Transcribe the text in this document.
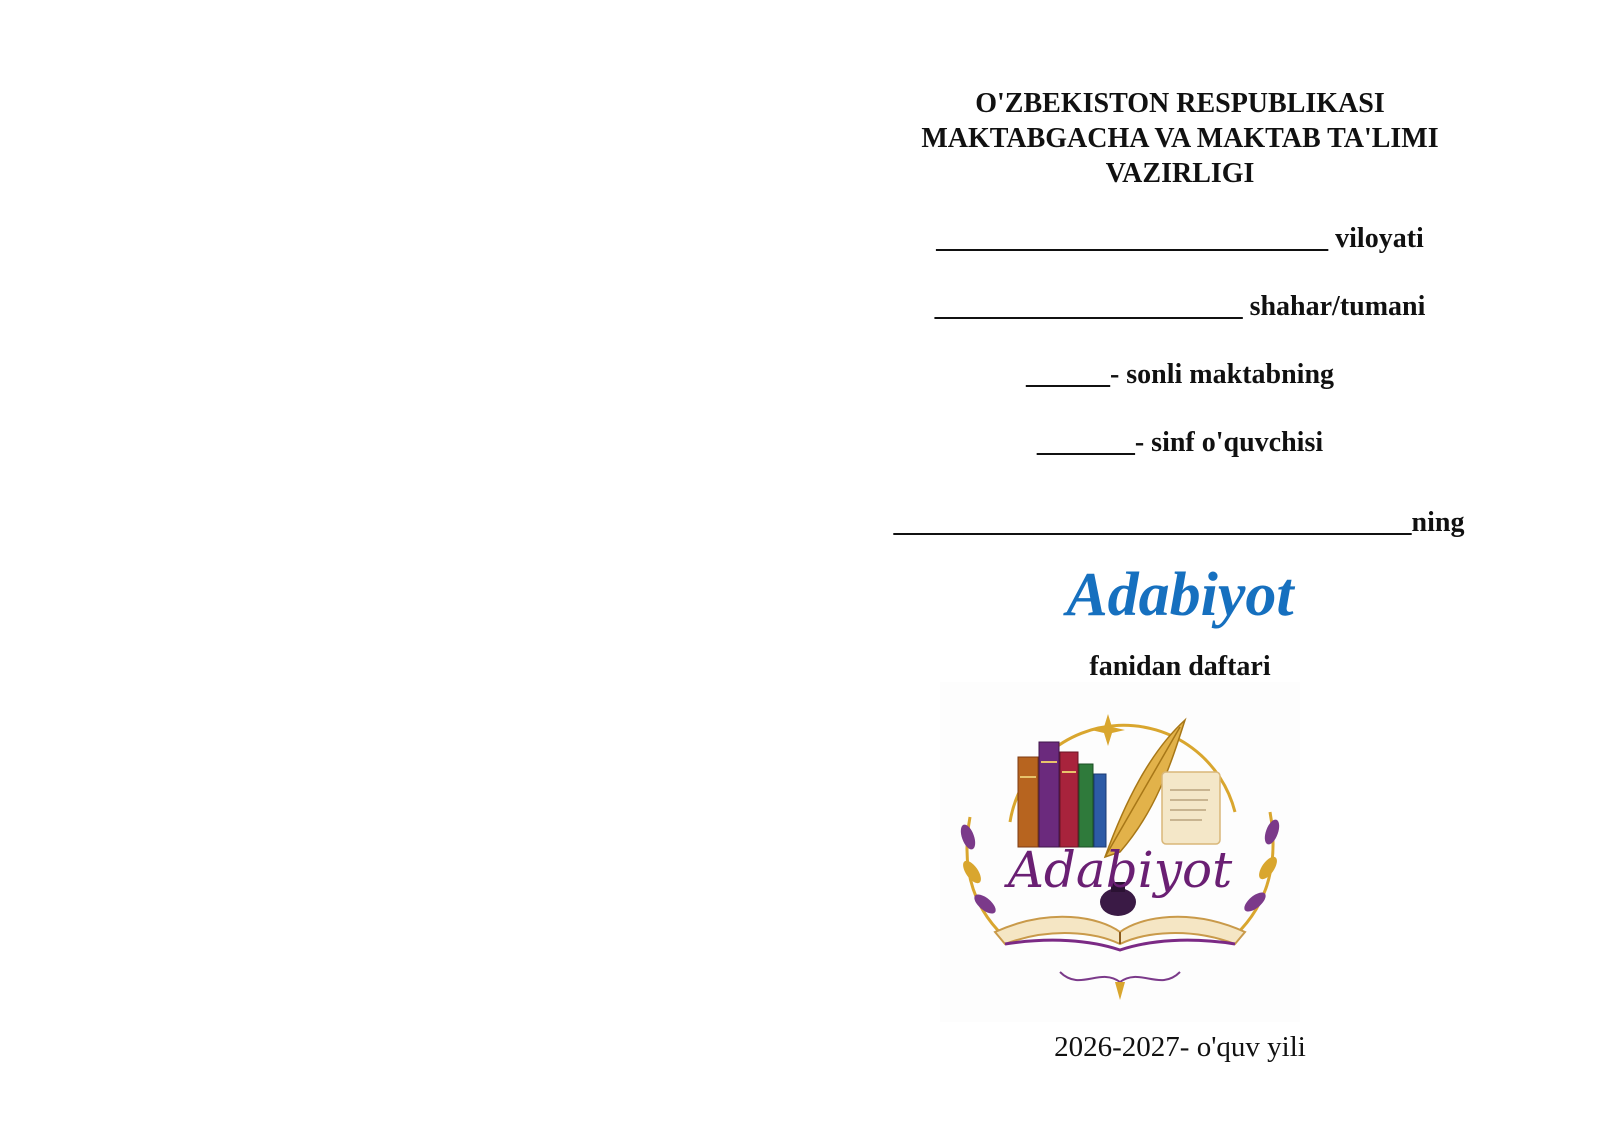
O'ZBEKISTON RESPUBLIKASI
MAKTABGACHA VA MAKTAB TA'LIMI
VAZIRLIGI
____________________________ viloyati
______________________ shahar/tumani
______- sonli maktabning
_______- sinf o'quvchisi
_____________________________________ning
Adabiyot
fanidan daftari
Adabiyot
2026-2027- o'quv yili
